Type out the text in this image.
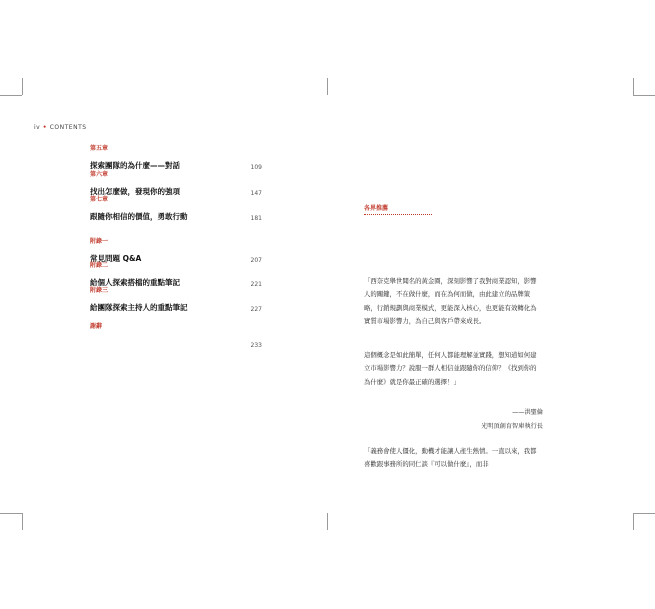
iv • CONTENTS
第五章
探索團隊的為什麼——對話	109
第六章
找出怎麼做，發現你的強項	147
第七章
跟隨你相信的價值，勇敢行動	181
附錄一
常見問題 Q&A	207
附錄二
給個人探索搭檔的重點筆記	221
附錄三
給團隊探索主持人的重點筆記	227
謝辭
233
各界推薦

「西奈克舉世聞名的黃金圈，深刻影響了我對商業認知，影響人的關鍵，不在做什麼，而在為何而做，由此建立的品牌策略，行銷規劃與商業模式，更能深入核心，也更能有效轉化為實質市場影響力，為自己與客戶帶來成長。

這個概念是如此簡單，任何人都能理解並實踐，想知道如何建立市場影響力？說服一群人相信並跟隨你的信仰？《找到你的為什麼》就是你最正確的選擇！」

——洪聖倫
光明頂創育智庫執行長

「義務會使人僵化，動機才能讓人產生熱情。一直以來，我都喜歡跟事務所的同仁談『可以做什麼』，而非
